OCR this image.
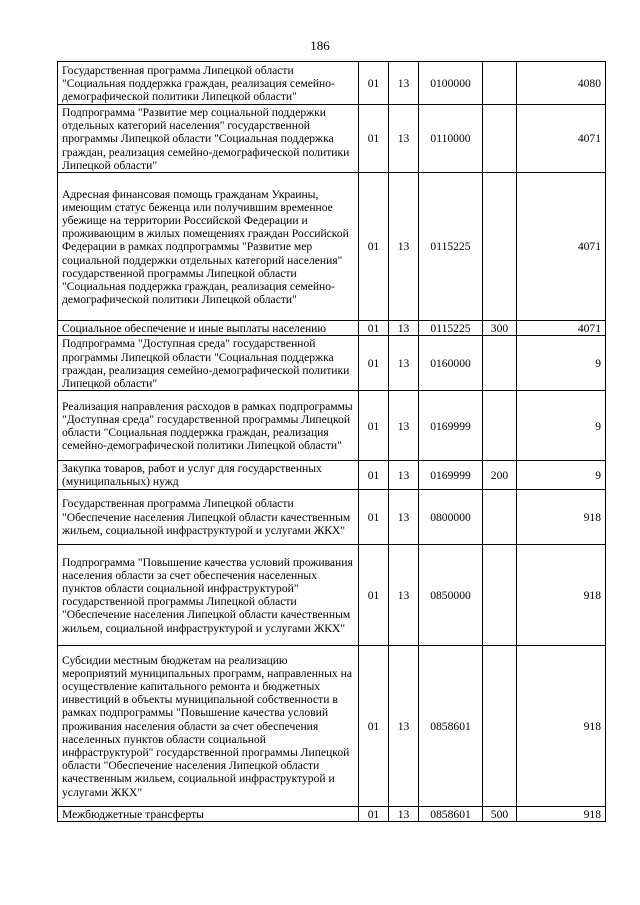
186
Государственная программа Липецкой области "Социальная поддержка граждан, реализация семейно-демографической политики Липецкой области"	01	13	0100000		4080
Подпрограмма "Развитие мер социальной поддержки отдельных категорий населения" государственной программы Липецкой области "Социальная поддержка граждан, реализация семейно-демографической политики Липецкой области"	01	13	0110000		4071
Адресная финансовая помощь гражданам Украины, имеющим статус беженца или получившим временное убежище на территории Российской Федерации и проживающим в жилых помещениях граждан Российской Федерации в рамках подпрограммы "Развитие мер социальной поддержки отдельных категорий населения" государственной программы Липецкой области "Социальная поддержка граждан, реализация семейно-демографической политики Липецкой области"	01	13	0115225		4071
Социальное обеспечение и иные выплаты населению	01	13	0115225	300	4071
Подпрограмма "Доступная среда" государственной программы Липецкой области "Социальная поддержка граждан, реализация семейно-демографической политики Липецкой области"	01	13	0160000		9
Реализация направления расходов в рамках подпрограммы "Доступная среда" государственной программы Липецкой области "Социальная поддержка граждан, реализация семейно-демографической политики Липецкой области"	01	13	0169999		9
Закупка товаров, работ и услуг для государственных (муниципальных) нужд	01	13	0169999	200	9
Государственная программа Липецкой области "Обеспечение населения Липецкой области качественным жильем, социальной инфраструктурой и услугами ЖКХ"	01	13	0800000		918
Подпрограмма "Повышение качества условий проживания населения области за счет обеспечения населенных пунктов области социальной инфраструктурой" государственной программы Липецкой области "Обеспечение населения Липецкой области качественным жильем, социальной инфраструктурой и услугами ЖКХ"	01	13	0850000		918
Субсидии местным бюджетам на реализацию мероприятий муниципальных программ, направленных на осуществление капитального ремонта и бюджетных инвестиций в объекты муниципальной собственности в рамках подпрограммы "Повышение качества условий проживания населения области за счет обеспечения населенных пунктов области социальной инфраструктурой" государственной программы Липецкой области "Обеспечение населения Липецкой области качественным жильем, социальной инфраструктурой и услугами ЖКХ"	01	13	0858601		918
Межбюджетные трансферты	01	13	0858601	500	918
